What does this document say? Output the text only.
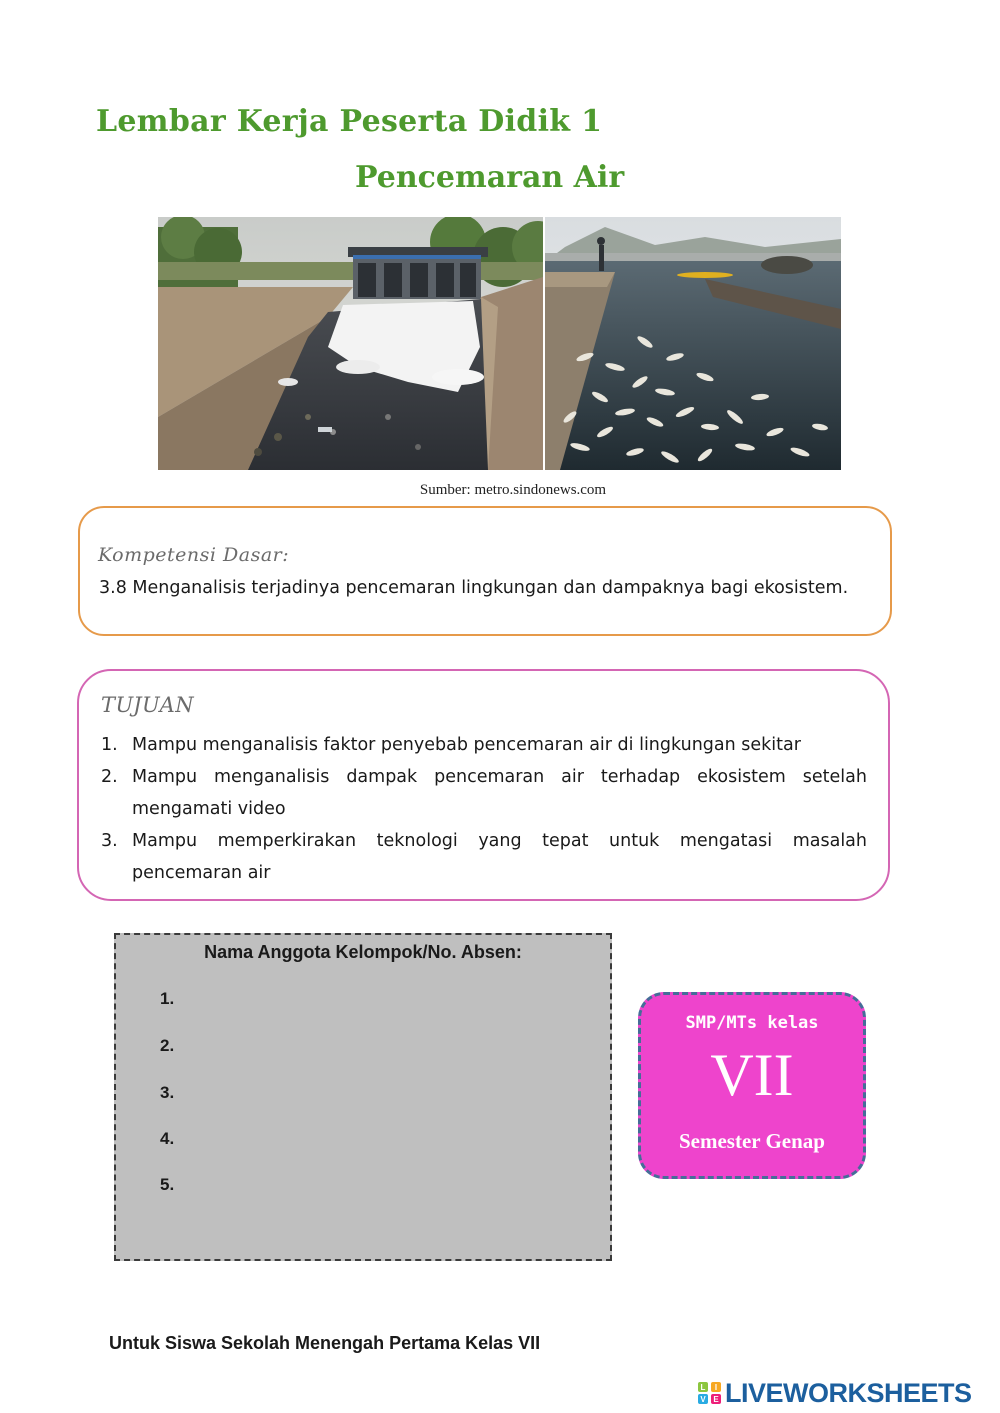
Lembar Kerja Peserta Didik 1
Pencemaran Air
Sumber: metro.sindonews.com
Kompetensi Dasar:
3.8 Menganalisis terjadinya pencemaran lingkungan dan dampaknya bagi ekosistem.
TUJUAN
1. Mampu menganalisis faktor penyebab pencemaran air di lingkungan sekitar
2. Mampu menganalisis dampak pencemaran air terhadap ekosistem setelah mengamati video
3. Mampu memperkirakan teknologi yang tepat untuk mengatasi masalah pencemaran air
Nama Anggota Kelompok/No. Absen:
1.
2.
3.
4.
5.
SMP/MTs kelas
VII
Semester Genap
Untuk Siswa Sekolah Menengah Pertama Kelas VII
L I
V E LIVEWORKSHEETS
